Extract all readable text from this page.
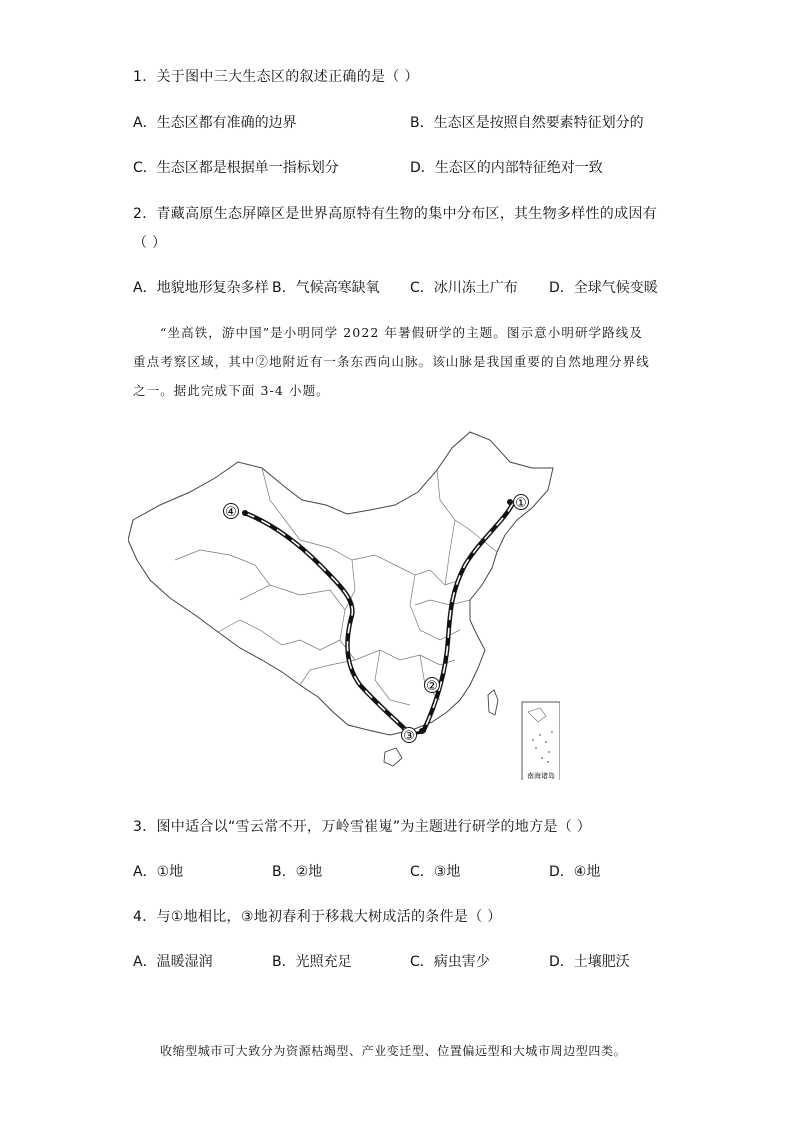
1．关于图中三大生态区的叙述正确的是（ ）
A．生态区都有准确的边界	B．生态区是按照自然要素特征划分的
C．生态区都是根据单一指标划分	D．生态区的内部特征绝对一致
2．青藏高原生态屏障区是世界高原特有生物的集中分布区，其生物多样性的成因有
（ ）
A．地貌地形复杂多样 B．气候高寒缺氧 C．冰川冻土广布 D．全球气候变暖
“坐高铁，游中国”是小明同学 2022 年暑假研学的主题。图示意小明研学路线及
重点考察区域，其中②地附近有一条东西向山脉。该山脉是我国重要的自然地理分界线
之一。据此完成下面 3-4 小题。
①
④
②
③
南海诸岛
3．图中适合以“雪云常不开，万岭雪崔嵬”为主题进行研学的地方是（ ）
A．①地	B．②地	C．③地	D．④地
4．与①地相比，③地初春利于移栽大树成活的条件是（ ）
A．温暖湿润	B．光照充足	C．病虫害少	D．土壤肥沃
收缩型城市可大致分为资源枯竭型、产业变迁型、位置偏远型和大城市周边型四类。
